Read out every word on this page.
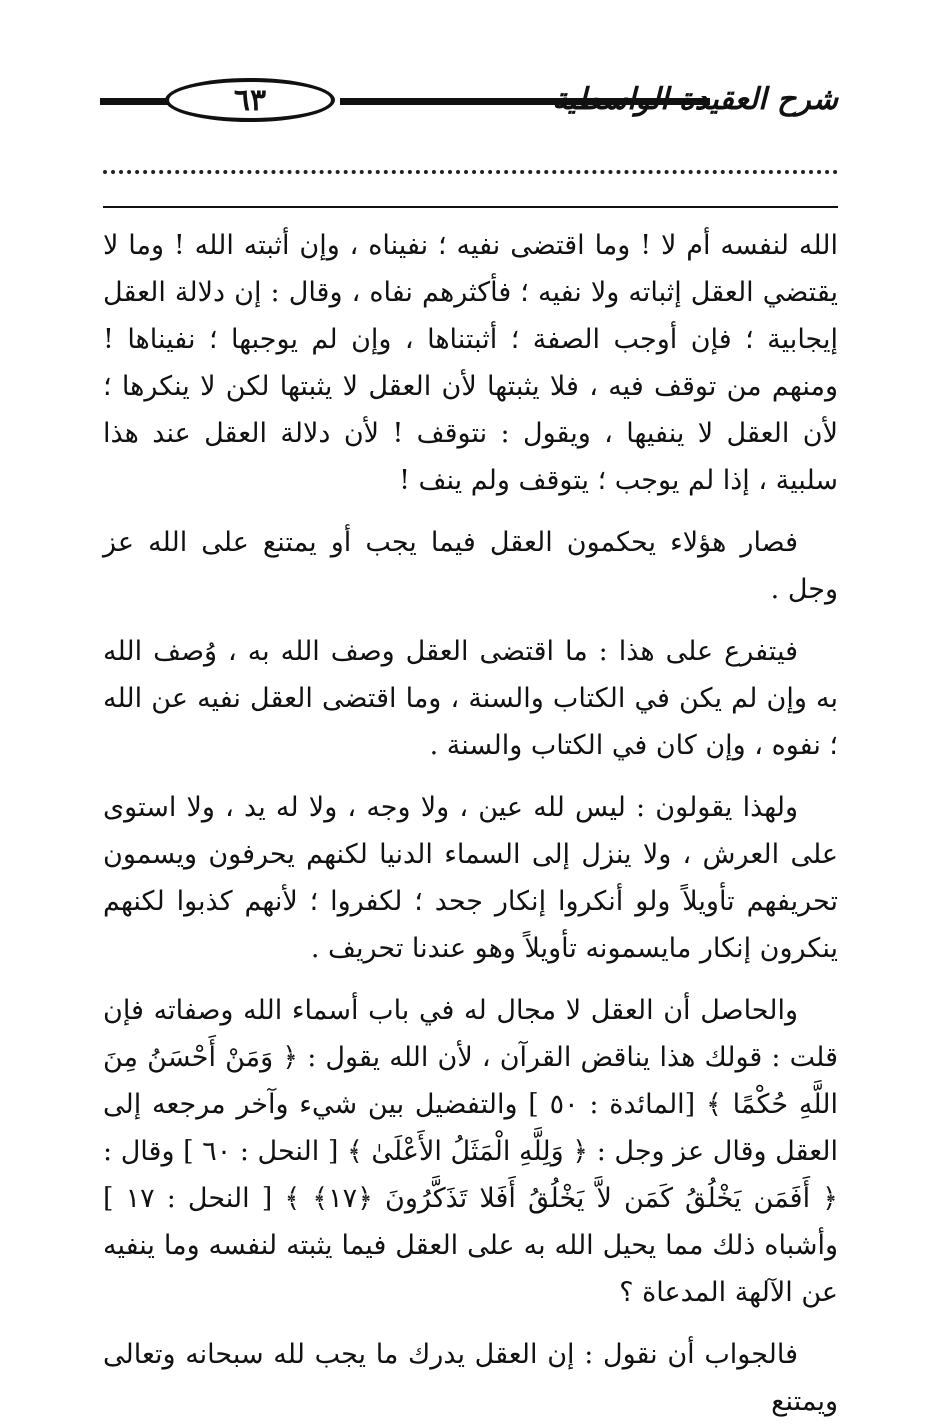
٦٣	شرح العقيدة الواسطية

الله لنفسه أم لا ! وما اقتضى نفيه ؛ نفيناه ، وإن أثبته الله ! وما لا يقتضي العقل إثباته ولا نفيه ؛ فأكثرهم نفاه ، وقال : إن دلالة العقل إيجابية ؛ فإن أوجب الصفة ؛ أثبتناها ، وإن لم يوجبها ؛ نفيناها ! ومنهم من توقف فيه ، فلا يثبتها لأن العقل لا يثبتها لكن لا ينكرها ؛ لأن العقل لا ينفيها ، ويقول : نتوقف ! لأن دلالة العقل عند هذا سلبية ، إذا لم يوجب ؛ يتوقف ولم ينف !

فصار هؤلاء يحكمون العقل فيما يجب أو يمتنع على الله عز وجل .

فيتفرع على هذا : ما اقتضى العقل وصف الله به ، وُصف الله به وإن لم يكن في الكتاب والسنة ، وما اقتضى العقل نفيه عن الله ؛ نفوه ، وإن كان في الكتاب والسنة .

ولهذا يقولون : ليس لله عين ، ولا وجه ، ولا له يد ، ولا استوى على العرش ، ولا ينزل إلى السماء الدنيا لكنهم يحرفون ويسمون تحريفهم تأويلاً ولو أنكروا إنكار جحد ؛ لكفروا ؛ لأنهم كذبوا لكنهم ينكرون إنكار مايسمونه تأويلاً وهو عندنا تحريف .

والحاصل أن العقل لا مجال له في باب أسماء الله وصفاته فإن قلت : قولك هذا يناقض القرآن ، لأن الله يقول : ﴿ وَمَنْ أَحْسَنُ مِنَ اللَّهِ حُكْمًا ﴾ [المائدة : ٥٠ ] والتفضيل بين شيء وآخر مرجعه إلى العقل وقال عز وجل : ﴿ وَلِلَّهِ الْمَثَلُ الأَعْلَىٰ ﴾ [ النحل : ٦٠ ] وقال : ﴿ أَفَمَن يَخْلُقُ كَمَن لاَّ يَخْلُقُ أَفَلا تَذَكَّرُونَ ﴿١٧﴾ ﴾ [ النحل : ١٧ ] وأشباه ذلك مما يحيل الله به على العقل فيما يثبته لنفسه وما ينفيه عن الآلهة المدعاة ؟

فالجواب أن نقول : إن العقل يدرك ما يجب لله سبحانه وتعالى ويمتنع
